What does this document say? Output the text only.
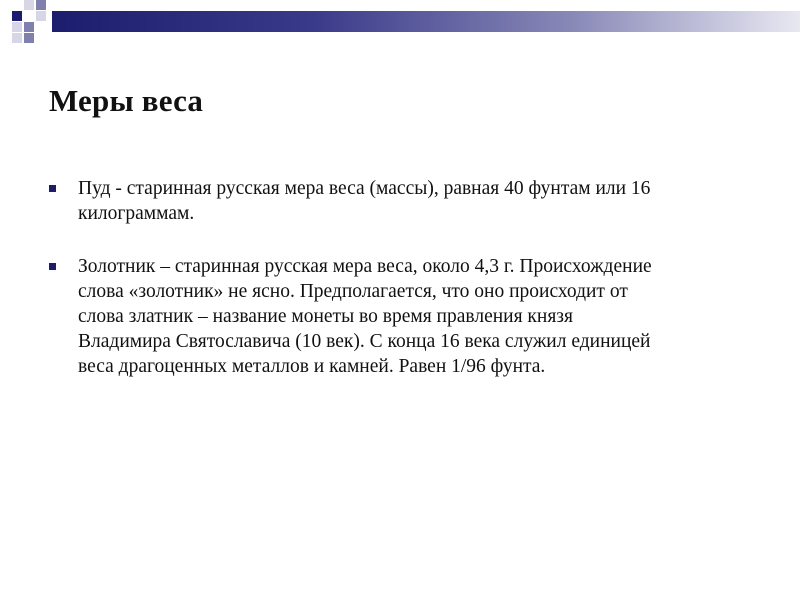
Меры веса
Пуд - старинная русская мера веса (массы), равная 40 фунтам или 16
килограммам.
Золотник – старинная русская мера веса, около 4,3 г. Происхождение
слова «золотник» не ясно. Предполагается, что оно происходит от
слова златник – название монеты во время правления князя
Владимира Святославича (10 век). С конца 16 века служил единицей
веса драгоценных металлов и камней. Равен 1/96 фунта.
